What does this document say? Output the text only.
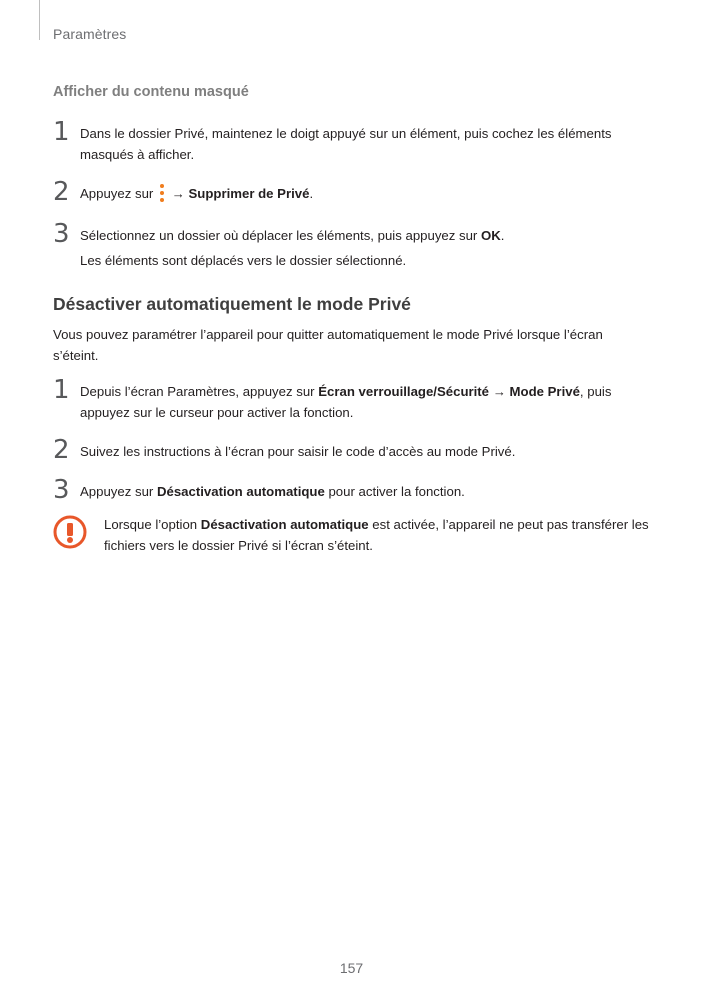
Paramètres
Afficher du contenu masqué
1 Dans le dossier Privé, maintenez le doigt appuyé sur un élément, puis cochez les éléments
masqués à afficher.
2 Appuyez sur → Supprimer de Privé.
3 Sélectionnez un dossier où déplacer les éléments, puis appuyez sur OK.
Les éléments sont déplacés vers le dossier sélectionné.
Désactiver automatiquement le mode Privé
Vous pouvez paramétrer l’appareil pour quitter automatiquement le mode Privé lorsque l’écran
s’éteint.
1 Depuis l’écran Paramètres, appuyez sur Écran verrouillage/Sécurité → Mode Privé, puis
appuyez sur le curseur pour activer la fonction.
2 Suivez les instructions à l’écran pour saisir le code d’accès au mode Privé.
3 Appuyez sur Désactivation automatique pour activer la fonction.
Lorsque l’option Désactivation automatique est activée, l’appareil ne peut pas transférer les
fichiers vers le dossier Privé si l’écran s’éteint.
157
